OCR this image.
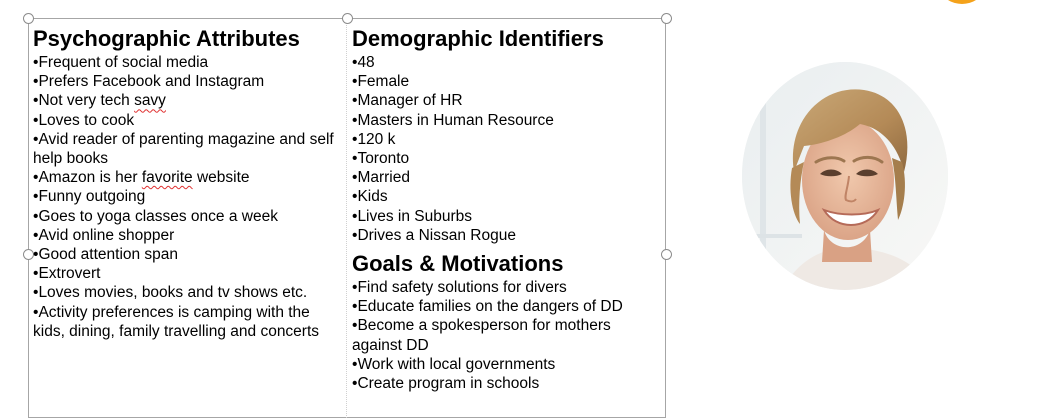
Psychographic Attributes
• Frequent of social media
• Prefers Facebook and Instagram
• Not very tech savy
• Loves to cook
• Avid reader of parenting magazine and self help books
• Amazon is her favorite website
• Funny outgoing
• Goes to yoga classes once a week
• Avid online shopper
• Good attention span
• Extrovert
• Loves movies, books and tv shows etc.
• Activity preferences is camping with the kids, dining, family travelling and concerts
Demographic Identifiers
• 48
• Female
• Manager of HR
• Masters in Human Resource
• 120 k
• Toronto
• Married
• Kids
• Lives in Suburbs
• Drives a Nissan Rogue
Goals & Motivations
• Find safety solutions for divers
• Educate families on the dangers of DD
• Become a spokesperson for mothers against DD
• Work with local governments
• Create program in schools
